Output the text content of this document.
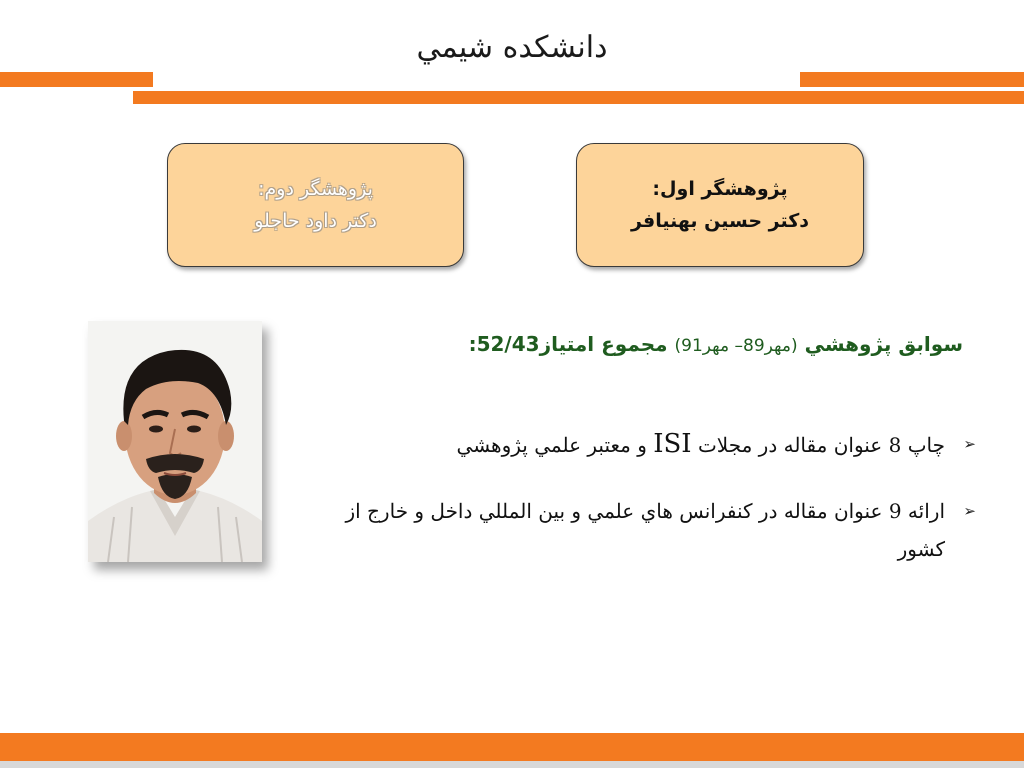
دانشکده شيمي
پژوهشگر اول:
دکتر حسين بهنيافر
پژوهشگر دوم:
دکتر داود حاجلو
سوابق پژوهشي (مهر89– مهر91) مجموع امتياز52/43:
➢
چاپ 8 عنوان مقاله در مجلات ISI و معتبر علمي پژوهشي
➢
ارائه 9 عنوان مقاله در کنفرانس هاي علمي و بين المللي داخل و خارج از کشور
